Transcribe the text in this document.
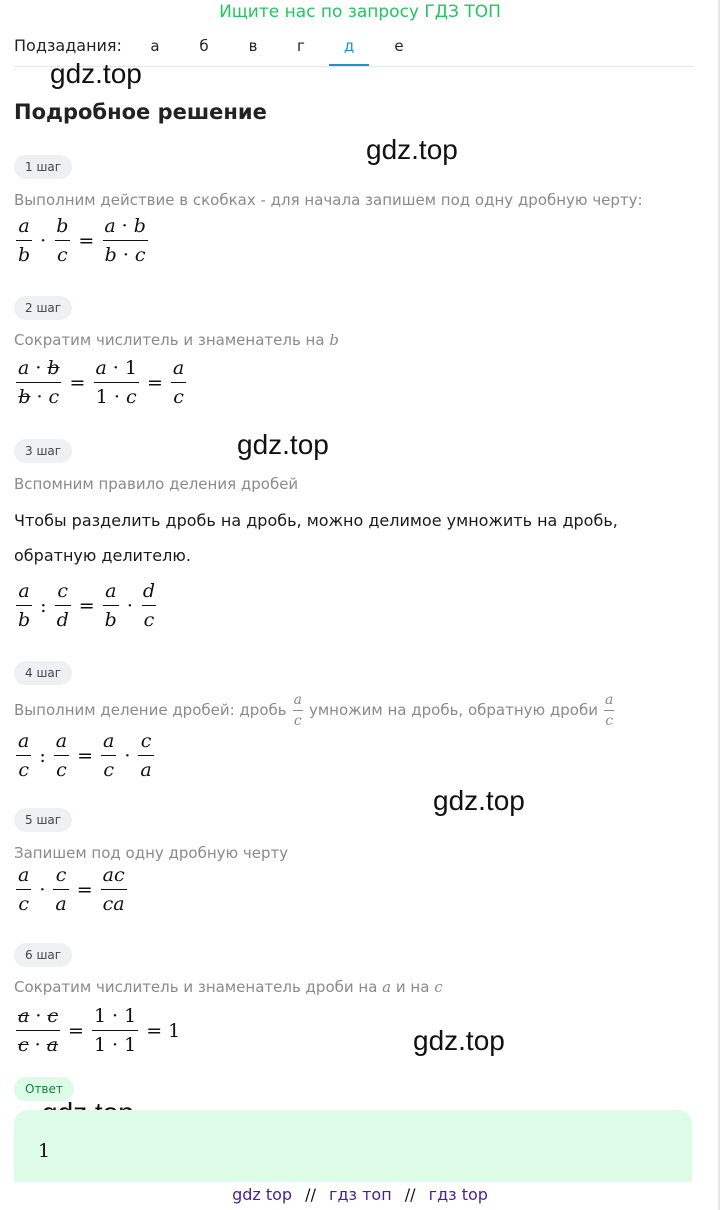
Ищите нас по запросу ГДЗ ТОП
Подзадания:	а	б	в	г	д	е
gdz.top
gdz.top
gdz.top
gdz.top
gdz.top
Подробное решение
1 шаг
Выполним действие в скобках - для начала запишем под одну дробную черту:
$\frac{a}{b} \cdot \frac{b}{c} = \frac{a \cdot b}{b \cdot c}$
2 шаг
Сократим числитель и знаменатель на b
$\frac{a \cdot b}{b \cdot c} = \frac{a \cdot 1}{1 \cdot c} = \frac{a}{c}$
3 шаг
Вспомним правило деления дробей
Чтобы разделить дробь на дробь, можно делимое умножить на дробь,
обратную делителю.
$\frac{a}{b}$ : $\frac{c}{d} = \frac{a}{b} \cdot \frac{d}{c}$
4 шаг
Выполним деление дробей: дробь $\frac{a}{c}$ умножим на дробь, обратную дроби $\frac{a}{c}$
$\frac{a}{c}$ : $\frac{a}{c} = \frac{a}{c} \cdot \frac{c}{a}$
5 шаг
Запишем под одну дробную черту
$\frac{a}{c} \cdot \frac{c}{a} = \frac{ac}{ca}$
6 шаг
Сократим числитель и знаменатель дроби на a и на c
$\frac{a \cdot c}{c \cdot a} = \frac{1 \cdot 1}{1 \cdot 1} = 1$
Ответ
1
gdz top // гдз топ // гдз top
